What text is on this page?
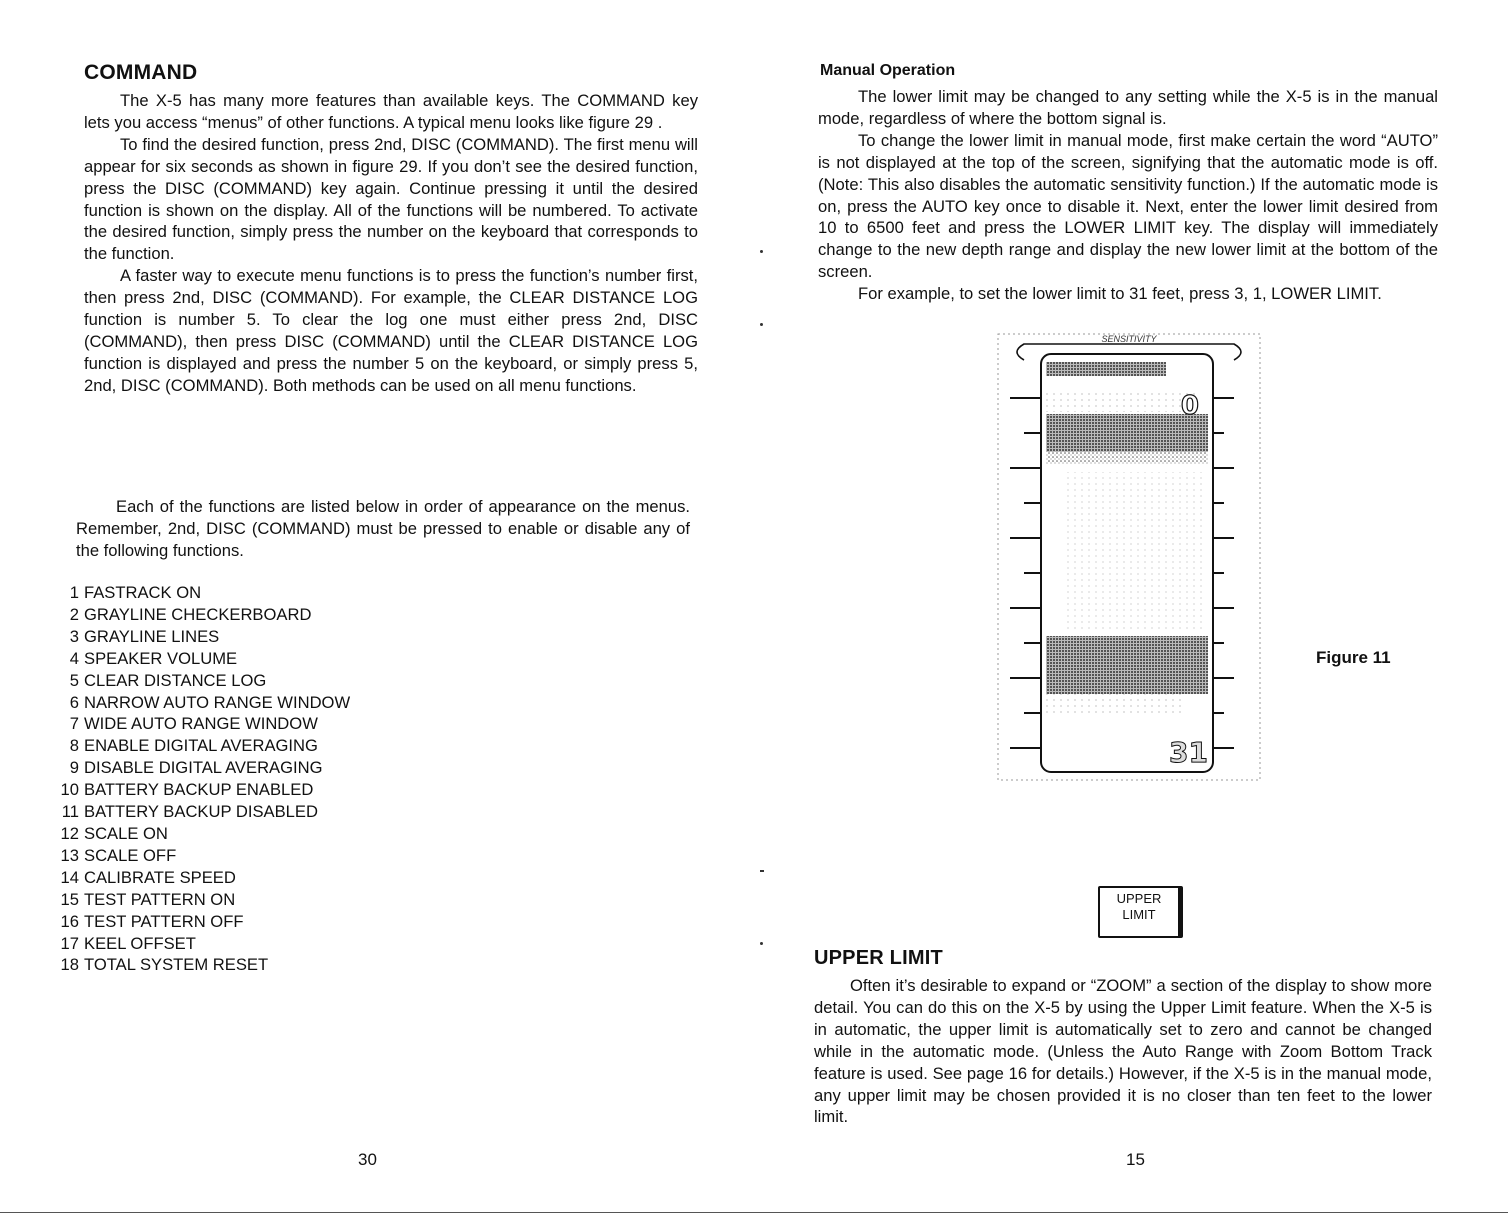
COMMAND

The X-5 has many more features than available keys. The COMMAND key lets you access “menus” of other functions. A typical menu looks like figure 29 .

To find the desired function, press 2nd, DISC (COMMAND). The first menu will appear for six seconds as shown in figure 29. If you don’t see the desired function, press the DISC (COMMAND) key again. Continue pressing it until the desired function is shown on the display. All of the functions will be numbered. To activate the desired function, simply press the number on the keyboard that corresponds to the function.

A faster way to execute menu functions is to press the function’s number first, then press 2nd, DISC (COMMAND). For example, the CLEAR DISTANCE LOG function is number 5. To clear the log one must either press 2nd, DISC (COMMAND), then press DISC (COMMAND) until the CLEAR DISTANCE LOG function is displayed and press the number 5 on the keyboard, or simply press 5, 2nd, DISC (COMMAND). Both methods can be used on all menu functions.

Each of the functions are listed below in order of appearance on the menus. Remember, 2nd, DISC (COMMAND) must be pressed to enable or disable any of the following functions.

1 FASTRACK ON
2 GRAYLINE CHECKERBOARD
3 GRAYLINE LINES
4 SPEAKER VOLUME
5 CLEAR DISTANCE LOG
6 NARROW AUTO RANGE WINDOW
7 WIDE AUTO RANGE WINDOW
8 ENABLE DIGITAL AVERAGING
9 DISABLE DIGITAL AVERAGING
10 BATTERY BACKUP ENABLED
11 BATTERY BACKUP DISABLED
12 SCALE ON
13 SCALE OFF
14 CALIBRATE SPEED
15 TEST PATTERN ON
16 TEST PATTERN OFF
17 KEEL OFFSET
18 TOTAL SYSTEM RESET
30
Manual Operation

The lower limit may be changed to any setting while the X-5 is in the manual mode, regardless of where the bottom signal is.

To change the lower limit in manual mode, first make certain the word “AUTO” is not displayed at the top of the screen, signifying that the automatic mode is off. (Note: This also disables the automatic sensitivity function.) If the automatic mode is on, press the AUTO key once to disable it. Next, enter the lower limit desired from 10 to 6500 feet and press the LOWER LIMIT key. The display will immediately change to the new depth range and display the new lower limit at the bottom of the screen.

For example, to set the lower limit to 31 feet, press 3, 1, LOWER LIMIT.

SENSITIVITY
0
31
Figure 11
UPPER
LIMIT
UPPER LIMIT

Often it’s desirable to expand or “ZOOM” a section of the display to show more detail. You can do this on the X-5 by using the Upper Limit feature. When the X-5 is in automatic, the upper limit is automatically set to zero and cannot be changed while in the automatic mode. (Unless the Auto Range with Zoom Bottom Track feature is used. See page 16 for details.) However, if the X-5 is in the manual mode, any upper limit may be chosen provided it is no closer than ten feet to the lower limit.

15
